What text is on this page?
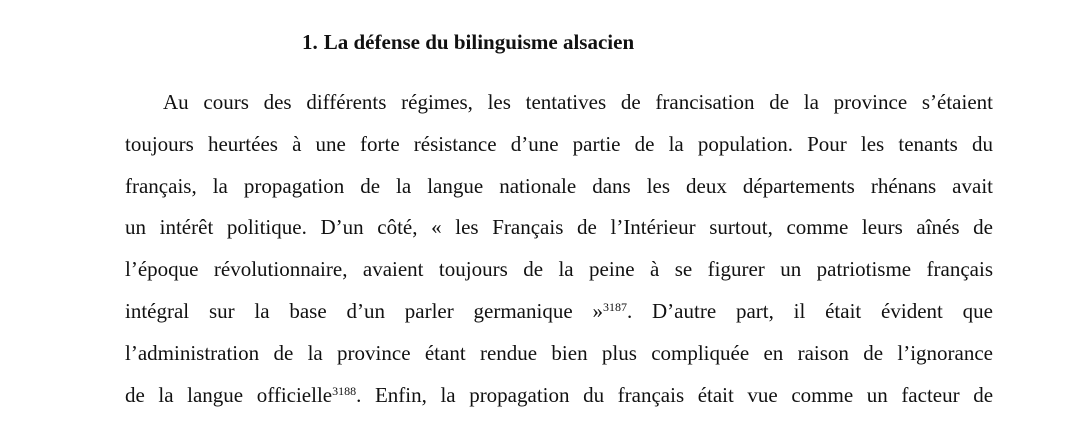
1. La défense du bilinguisme alsacien
Au cours des différents régimes, les tentatives de francisation de la province s’étaient
toujours heurtées à une forte résistance d’une partie de la population. Pour les tenants du
français, la propagation de la langue nationale dans les deux départements rhénans avait
un intérêt politique. D’un côté, « les Français de l’Intérieur surtout, comme leurs aînés de
l’époque révolutionnaire, avaient toujours de la peine à se figurer un patriotisme français
intégral sur la base d’un parler germanique »$^{3187}$. D’autre part, il était évident que
l’administration de la province étant rendue bien plus compliquée en raison de l’ignorance
de la langue officielle$^{3188}$. Enfin, la propagation du français était vue comme un facteur de
